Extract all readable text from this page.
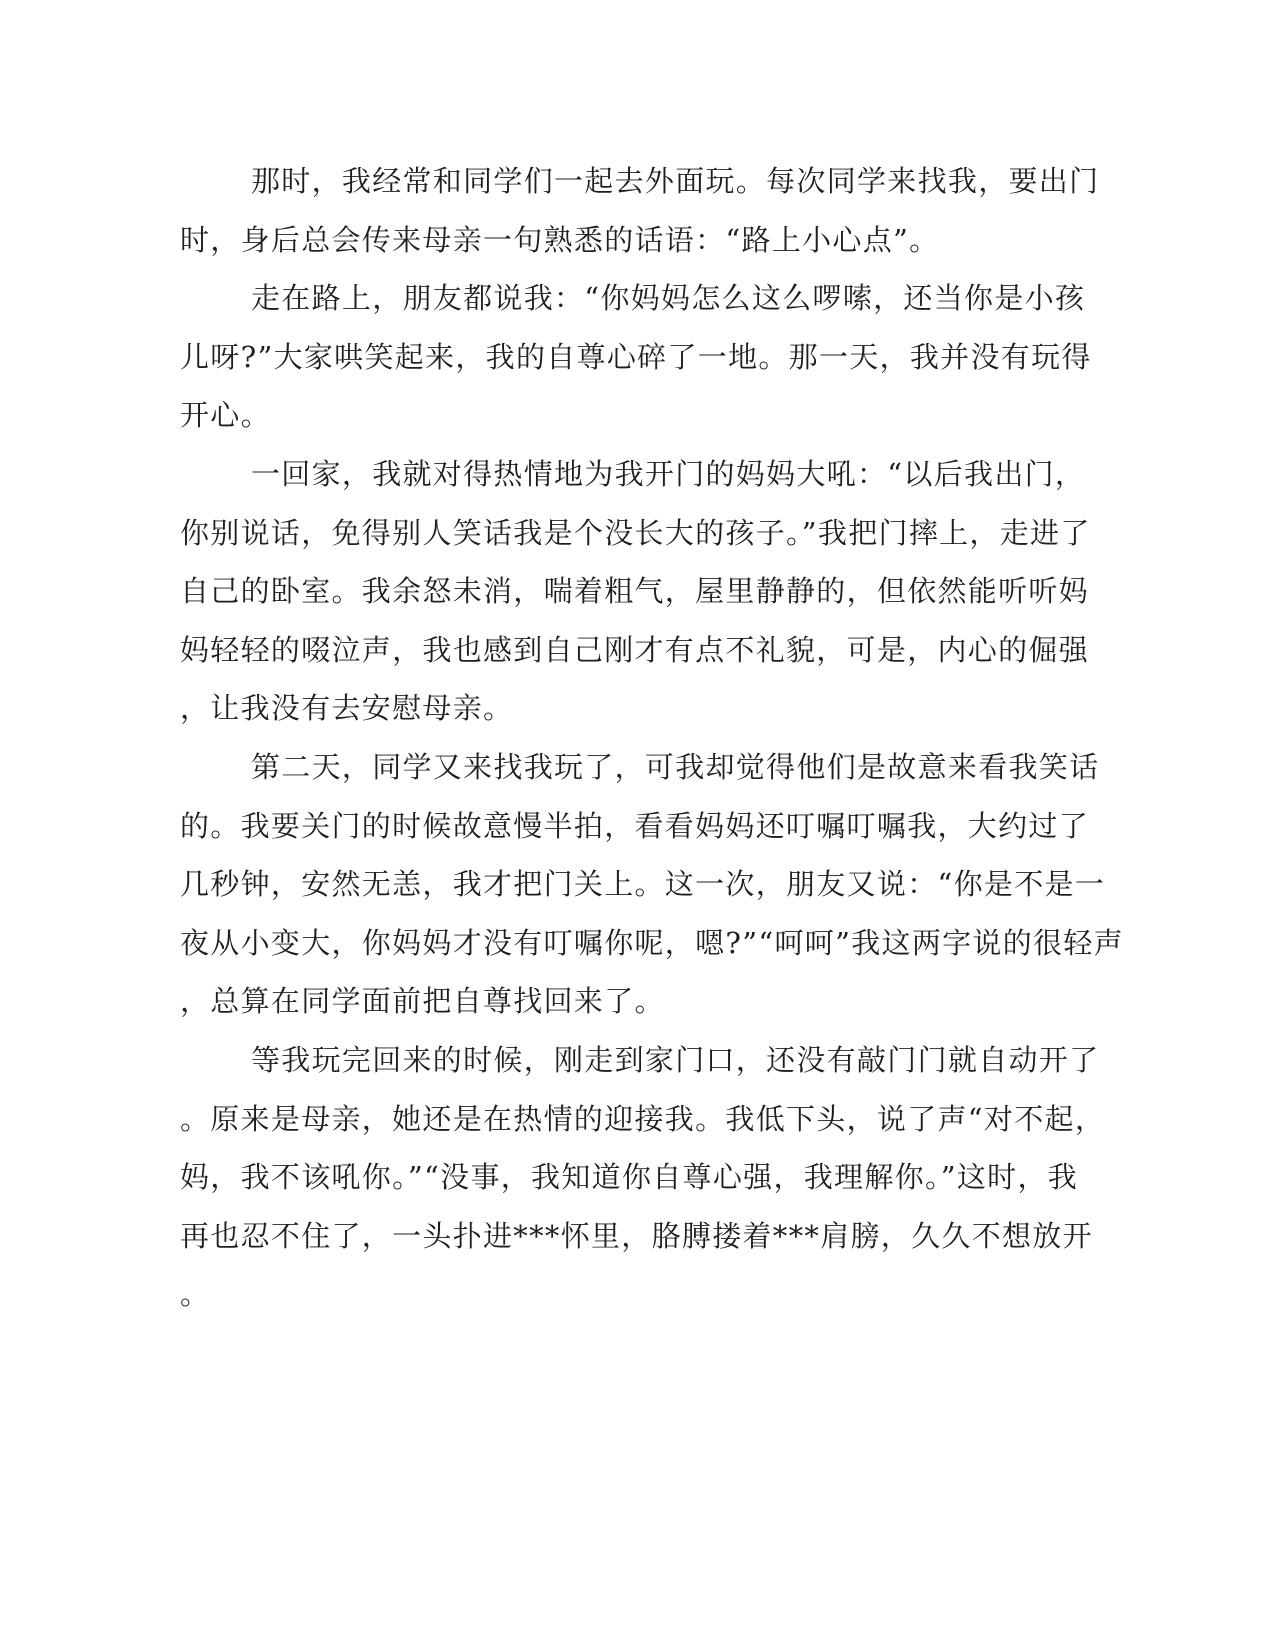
那时，我经常和同学们一起去外面玩。每次同学来找我，要出门
时，身后总会传来母亲一句熟悉的话语：“路上小心点”。
走在路上，朋友都说我：“你妈妈怎么这么啰嗦，还当你是小孩
儿呀?”大家哄笑起来，我的自尊心碎了一地。那一天，我并没有玩得
开心。
一回家，我就对得热情地为我开门的妈妈大吼：“以后我出门，
你别说话，免得别人笑话我是个没长大的孩子。”我把门摔上，走进了
自己的卧室。我余怒未消，喘着粗气，屋里静静的，但依然能听听妈
妈轻轻的啜泣声，我也感到自己刚才有点不礼貌，可是，内心的倔强
，让我没有去安慰母亲。
第二天，同学又来找我玩了，可我却觉得他们是故意来看我笑话
的。我要关门的时候故意慢半拍，看看妈妈还叮嘱叮嘱我，大约过了
几秒钟，安然无恙，我才把门关上。这一次，朋友又说：“你是不是一
夜从小变大，你妈妈才没有叮嘱你呢，嗯?”“呵呵”我这两字说的很轻声
，总算在同学面前把自尊找回来了。
等我玩完回来的时候，刚走到家门口，还没有敲门门就自动开了
。原来是母亲，她还是在热情的迎接我。我低下头，说了声“对不起，
妈，我不该吼你。”“没事，我知道你自尊心强，我理解你。”这时，我
再也忍不住了，一头扑进***怀里，胳膊搂着***肩膀，久久不想放开
。
